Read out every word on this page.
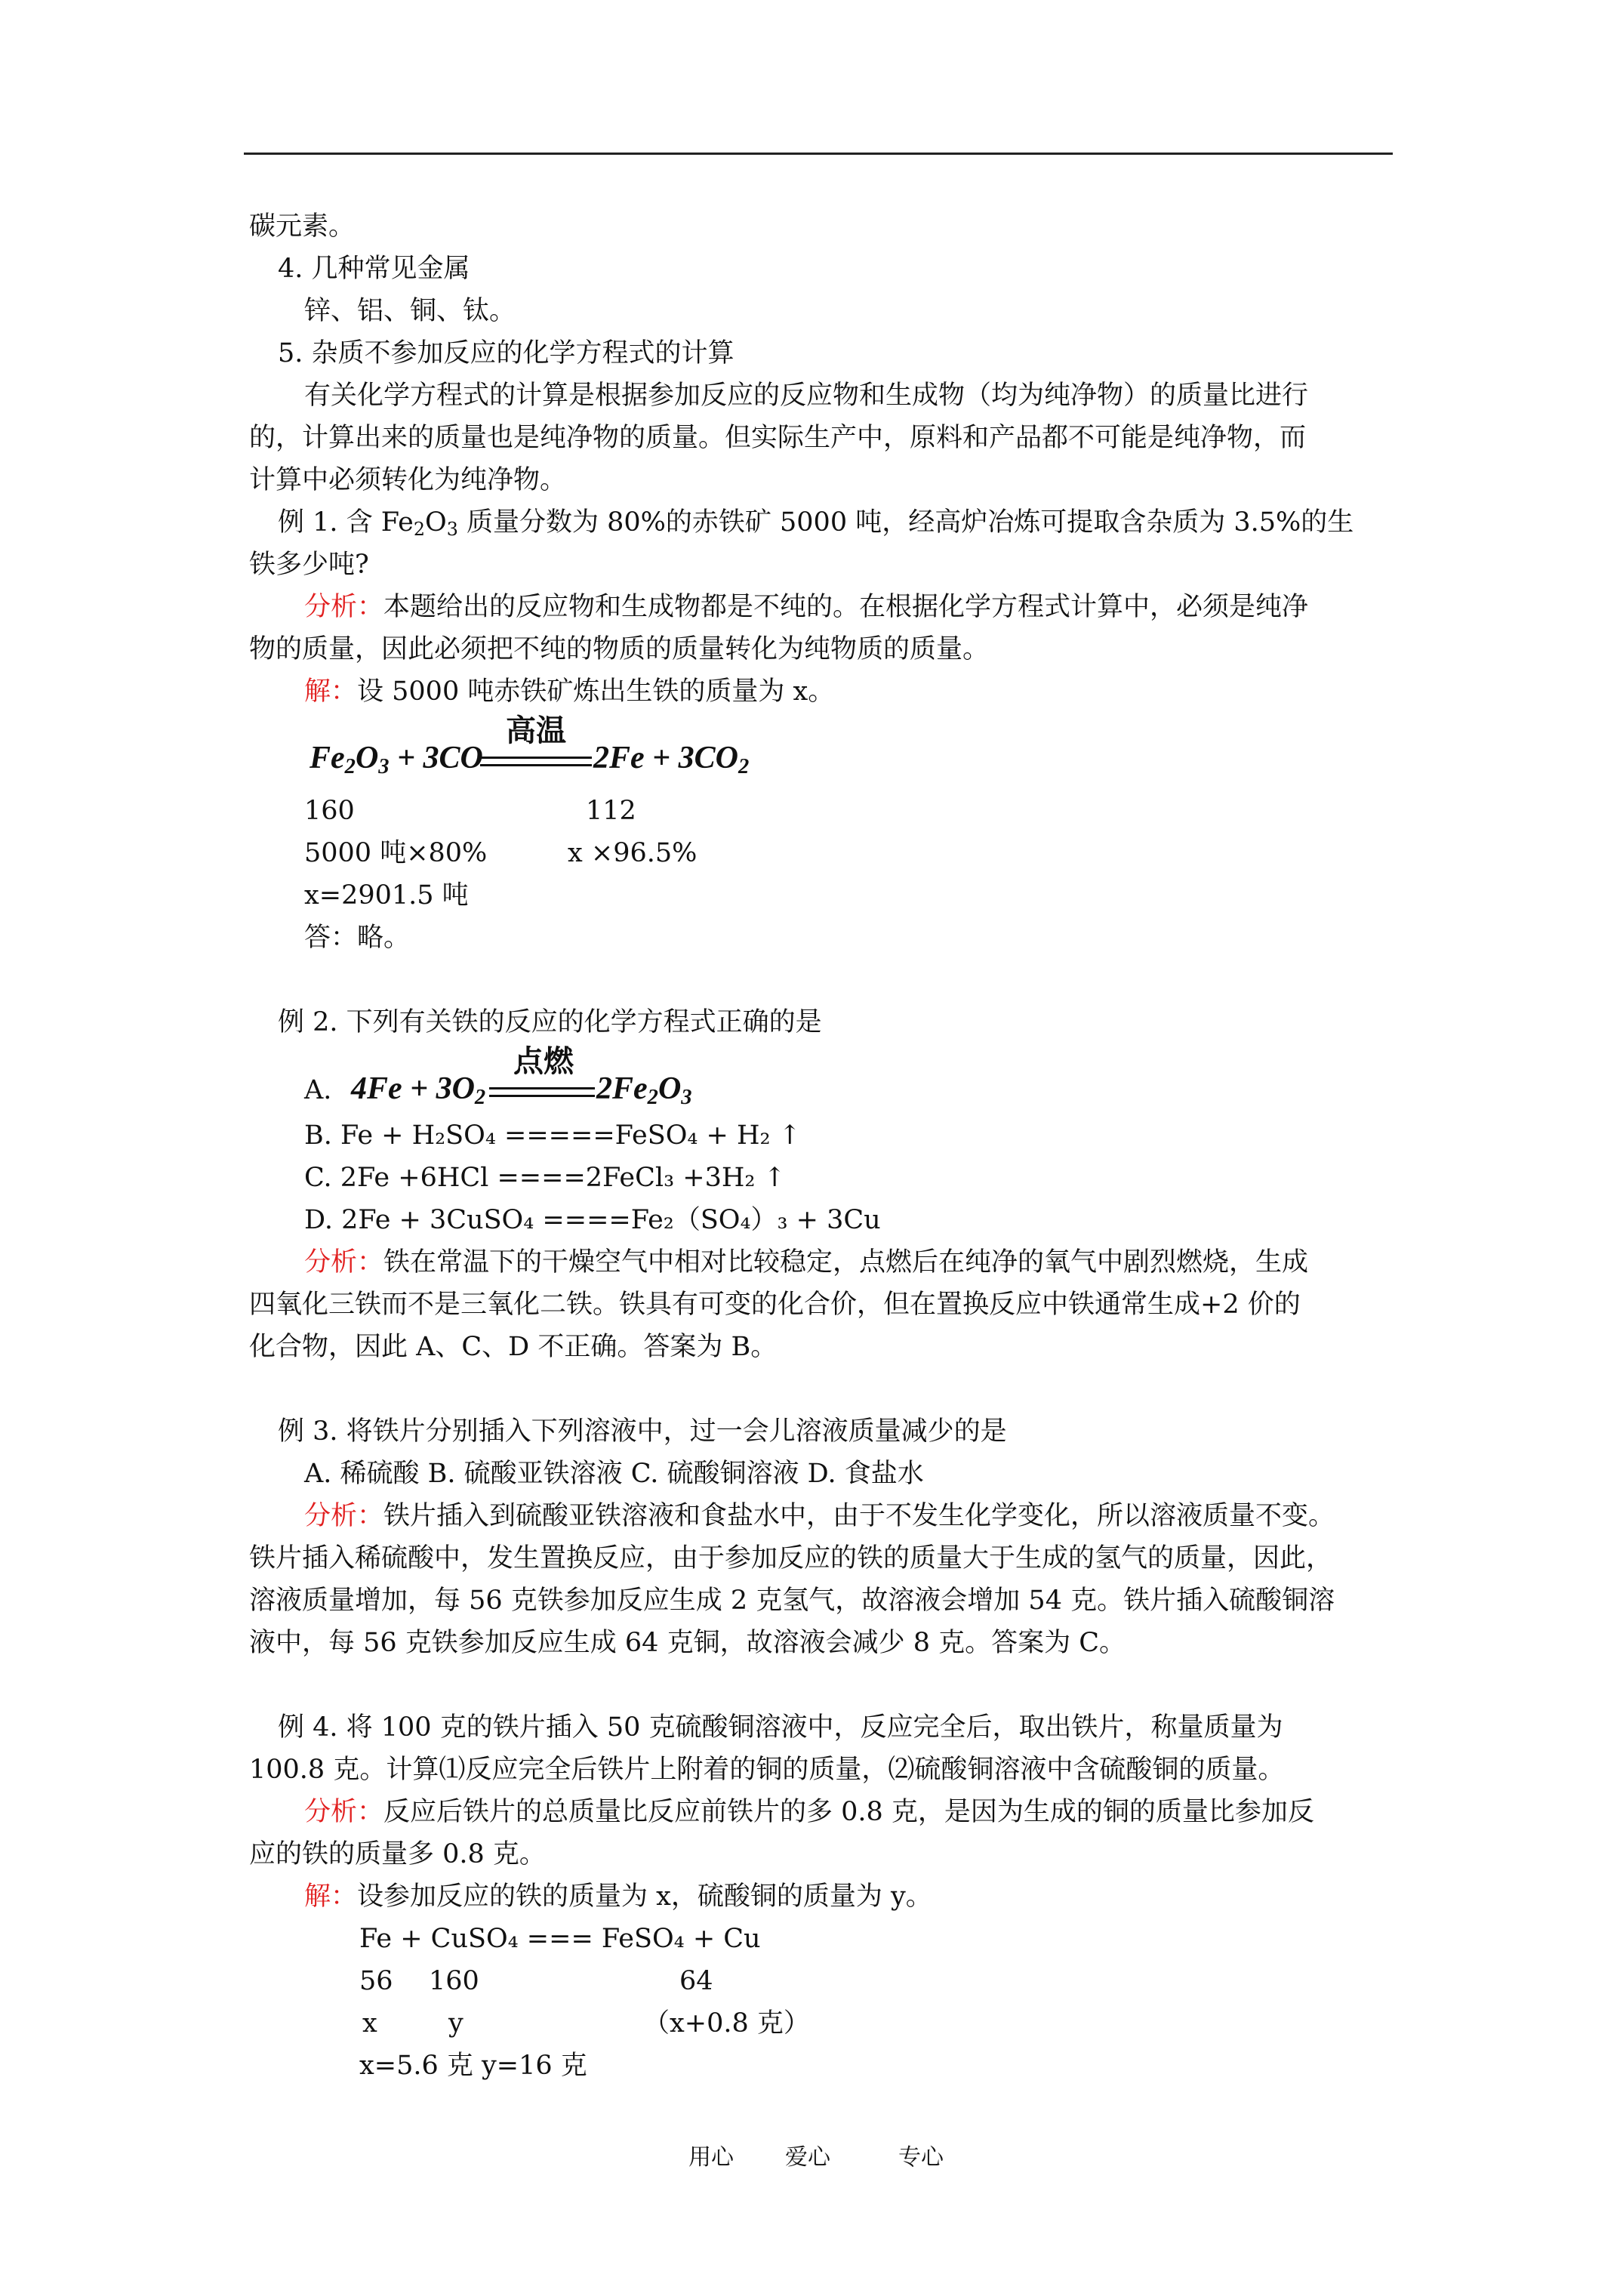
碳元素。
4. 几种常见金属
锌、铝、铜、钛。
5. 杂质不参加反应的化学方程式的计算
有关化学方程式的计算是根据参加反应的反应物和生成物（均为纯净物）的质量比进行
的，计算出来的质量也是纯净物的质量。但实际生产中，原料和产品都不可能是纯净物，而
计算中必须转化为纯净物。
例 1. 含 $Fe_2O_3$ 质量分数为 80%的赤铁矿 5000 吨，经高炉冶炼可提取含杂质为 3.5%的生
铁多少吨?
分析：本题给出的反应物和生成物都是不纯的。在根据化学方程式计算中，必须是纯净
物的质量，因此必须把不纯的物质的质量转化为纯物质的质量。
解：设 5000 吨赤铁矿炼出生铁的质量为 x。
高温
$Fe_2O_3 + 3CO$	$2Fe + 3CO_2$
160	112
5000 吨×80%	x ×96.5%
x=2901.5 吨
答：略。
例 2. 下列有关铁的反应的化学方程式正确的是
点燃
A. $4Fe + 3O_2$	$2Fe_2O_3$
B. Fe + H₂SO₄ =====FeSO₄ + H₂ ↑
C. 2Fe +6HCl ====2FeCl₃ +3H₂ ↑
D. 2Fe + 3CuSO₄ ====Fe₂（SO₄）₃ + 3Cu
分析：铁在常温下的干燥空气中相对比较稳定，点燃后在纯净的氧气中剧烈燃烧，生成
四氧化三铁而不是三氧化二铁。铁具有可变的化合价，但在置换反应中铁通常生成+2 价的
化合物，因此 A、C、D 不正确。答案为 B。
例 3. 将铁片分别插入下列溶液中，过一会儿溶液质量减少的是
A. 稀硫酸 B. 硫酸亚铁溶液 C. 硫酸铜溶液 D. 食盐水
分析：铁片插入到硫酸亚铁溶液和食盐水中，由于不发生化学变化，所以溶液质量不变。
铁片插入稀硫酸中，发生置换反应，由于参加反应的铁的质量大于生成的氢气的质量，因此，
溶液质量增加，每 56 克铁参加反应生成 2 克氢气，故溶液会增加 54 克。铁片插入硫酸铜溶
液中，每 56 克铁参加反应生成 64 克铜，故溶液会减少 8 克。答案为 C。
例 4. 将 100 克的铁片插入 50 克硫酸铜溶液中，反应完全后，取出铁片，称量质量为
100.8 克。计算⑴反应完全后铁片上附着的铜的质量，⑵硫酸铜溶液中含硫酸铜的质量。
分析：反应后铁片的总质量比反应前铁片的多 0.8 克，是因为生成的铜的质量比参加反
应的铁的质量多 0.8 克。
解：设参加反应的铁的质量为 x，硫酸铜的质量为 y。
Fe + CuSO₄ === FeSO₄ + Cu
56 160	64
x	y	（x+0.8 克）
x=5.6 克 y=16 克
用心 爱心	专心
